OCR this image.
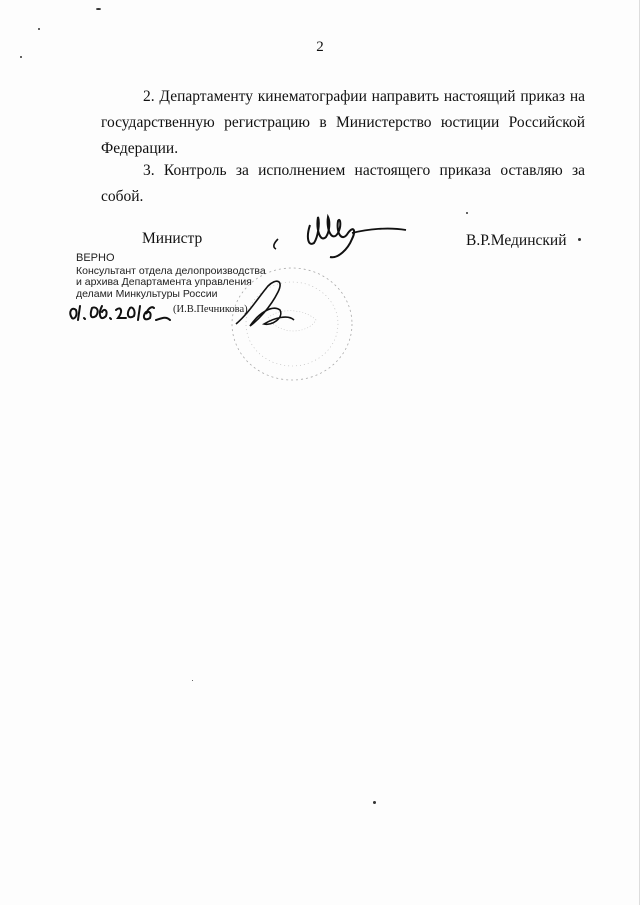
2

2. Департаменту кинематографии направить настоящий приказ на государственную регистрацию в Министерство юстиции Российской Федерации.

3. Контроль за исполнением настоящего приказа оставляю за собой.

Министр	В.Р.Мединский
ВЕРНО
Консультант отдела делопроизводства
и архива Департамента управления
делами Минкультуры России
(И.В.Печникова)
